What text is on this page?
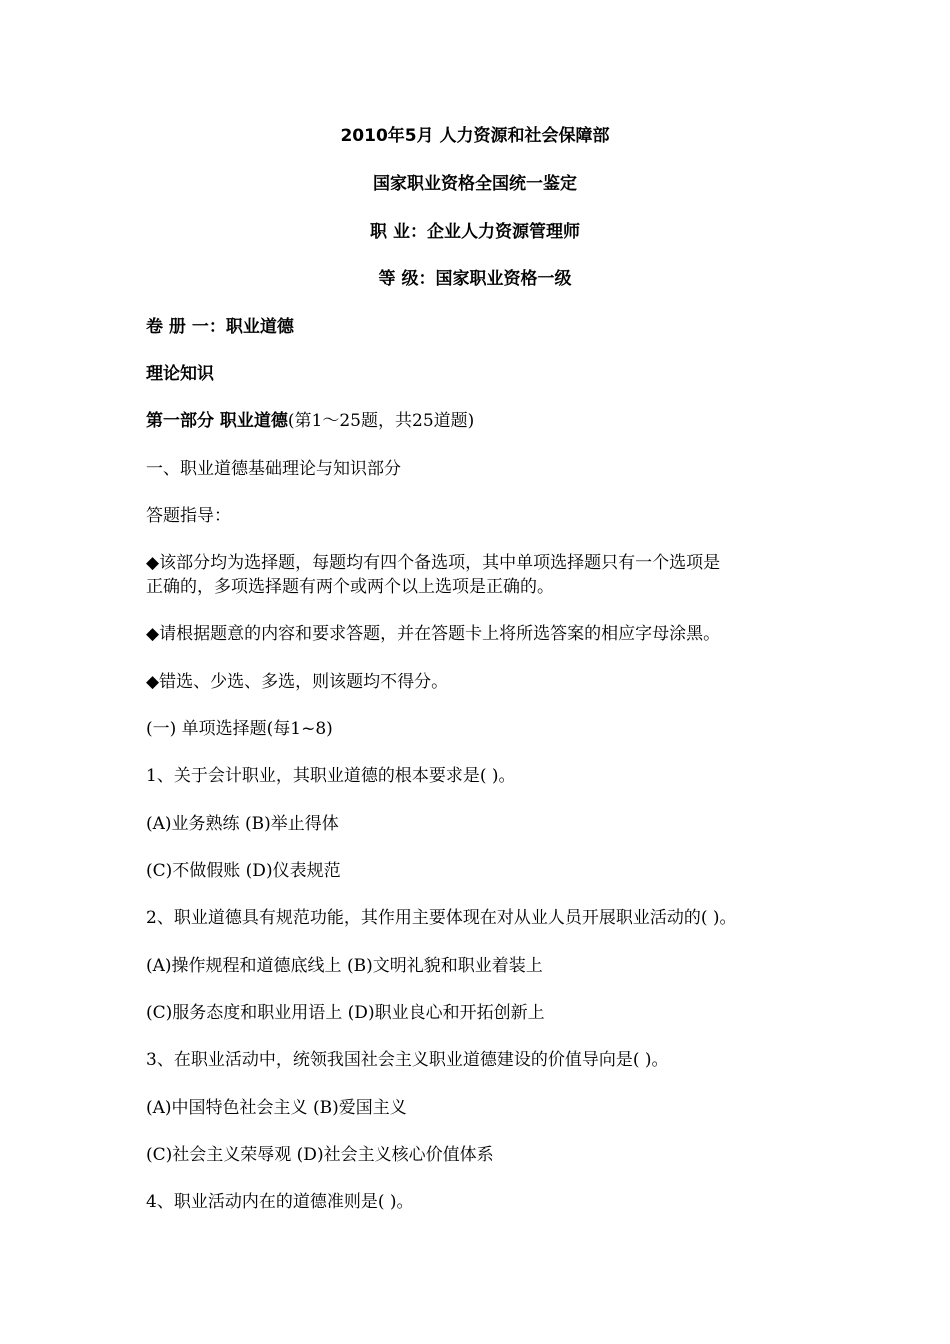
2010年5月 人力资源和社会保障部
国家职业资格全国统一鉴定
职 业：企业人力资源管理师
等 级：国家职业资格一级
卷 册 一：职业道德
理论知识
第一部分 职业道德(第1～25题，共25道题)
一、职业道德基础理论与知识部分
答题指导：
◆该部分均为选择题，每题均有四个备选项，其中单项选择题只有一个选项是
正确的，多项选择题有两个或两个以上选项是正确的。
◆请根据题意的内容和要求答题，并在答题卡上将所选答案的相应字母涂黑。
◆错选、少选、多选，则该题均不得分。
(一) 单项选择题(每1~8)
1、关于会计职业，其职业道德的根本要求是( )。
(A)业务熟练 (B)举止得体
(C)不做假账 (D)仪表规范
2、职业道德具有规范功能，其作用主要体现在对从业人员开展职业活动的( )。
(A)操作规程和道德底线上 (B)文明礼貌和职业着装上
(C)服务态度和职业用语上 (D)职业良心和开拓创新上
3、在职业活动中，统领我国社会主义职业道德建设的价值导向是( )。
(A)中国特色社会主义 (B)爱国主义
(C)社会主义荣辱观 (D)社会主义核心价值体系
4、职业活动内在的道德准则是( )。
